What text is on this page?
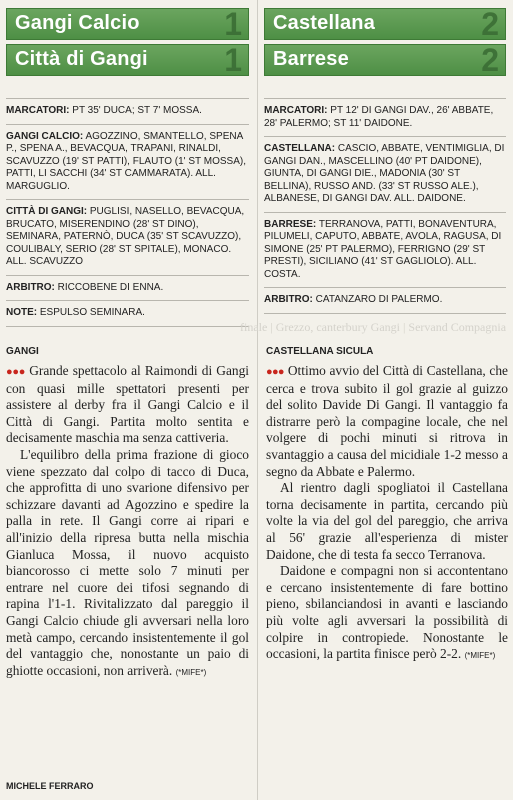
Gangi Calcio	1
Città di Gangi 1
MARCATORI: PT 35' DUCA; ST 7' MOSSA.
GANGI CALCIO: AGOZZINO, SMANTELLO, SPENA P., SPENA A., BEVACQUA, TRAPANI, RINALDI, SCAVUZZO (19' ST PATTI), FLAUTO (1' ST MOSSA), PATTI, LI SACCHI (34' ST CAMMARATA). ALL. MARGUGLIO.
CITTÀ DI GANGI: PUGLISI, NASELLO, BEVACQUA, BRUCATO, MISERENDINO (28' ST DINO), SEMINARA, PATERNÒ, DUCA (35' ST SCAVUZZO), COULIBALY, SERIO (28' ST SPITALE), MONACO. ALL. SCAVUZZO
ARBITRO: RICCOBENE DI ENNA.
NOTE: ESPULSO SEMINARA.
Castellana	2
Barrese	2
MARCATORI: PT 12' DI GANGI DAV., 26' ABBATE, 28' PALERMO; ST 11' DAIDONE.
CASTELLANA: CASCIO, ABBATE, VENTIMIGLIA, DI GANGI DAN., MASCELLINO (40' PT DAIDONE), GIUNTA, DI GANGI DIE., MADONIA (30' ST BELLINA), RUSSO AND. (33' ST RUSSO ALE.), ALBANESE, DI GANGI DAV. ALL. DAIDONE.
BARRESE: TERRANOVA, PATTI, BONAVENTURA, PILUMELI, CAPUTO, ABBATE, AVOLA, RAGUSA, DI SIMONE (25' PT PALERMO), FERRIGNO (29' ST PRESTI), SICILIANO (41' ST GAGLIOLO). ALL. COSTA.
ARBITRO: CATANZARO DI PALERMO.
finale | Grezzo, canterbury Gangi | Servand Compagnia
GANGI

●●● Grande spettacolo al Raimondi di Gangi con quasi mille spettatori presenti per assistere al derby fra il Gangi Calcio e il Città di Gangi. Partita molto sentita e decisamente maschia ma senza cattiveria.

L'equilibro della prima frazione di gioco viene spezzato dal colpo di tacco di Duca, che approfitta di uno svarione difensivo per schizzare davanti ad Agozzino e spedire la palla in rete. Il Gangi corre ai ripari e all'inizio della ripresa butta nella mischia Gianluca Mossa, il nuovo acquisto biancorosso ci mette solo 7 minuti per entrare nel cuore dei tifosi segnando di rapina l'1-1. Rivitalizzato dal pareggio il Gangi Calcio chiude gli avversari nella loro metà campo, cercando insistentemente il gol del vantaggio che, nonostante un paio di ghiotte occasioni, non arriverà. (*MIFE*)

MICHELE FERRARO
CASTELLANA SICULA

●●● Ottimo avvio del Città di Castellana, che cerca e trova subito il gol grazie al guizzo del solito Davide Di Gangi. Il vantaggio fa distrarre però la compagine locale, che nel volgere di pochi minuti si ritrova in svantaggio a causa del micidiale 1-2 messo a segno da Abbate e Palermo.

Al rientro dagli spogliatoi il Castellana torna decisamente in partita, cercando più volte la via del gol del pareggio, che arriva al 56' grazie all'esperienza di mister Daidone, che di testa fa secco Terranova.

Daidone e compagni non si accontentano e cercano insistentemente di fare bottino pieno, sbilanciandosi in avanti e lasciando più volte agli avversari la possibilità di colpire in contropiede. Nonostante le occasioni, la partita finisce però 2-2. (*MIFE*)
